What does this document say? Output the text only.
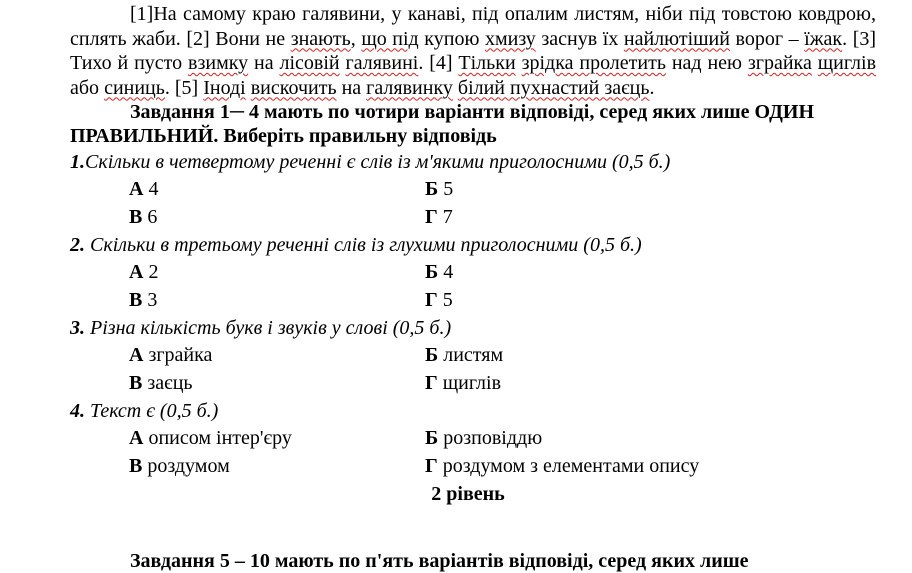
[1]На самому краю галявини, у канаві, під опалим листям, ніби під товстою ковдрою, сплять жаби. [2] Вони не знають, що під купою хмизу заснув їх найлютіший ворог – їжак. [3] Тихо й пусто взимку на лісовій галявині. [4] Тільки зрідка пролетить над нею зграйка щиглів або синиць. [5] Іноді вискочить на галявинку білий пухнастий заєць.

Завдання 1─ 4 мають по чотири варіанти відповіді, серед яких лише ОДИН ПРАВИЛЬНИЙ. Виберіть правильну відповідь

1.Скільки в четвертому реченні є слів із м'якими приголосними (0,5 б.)
А 4	Б 5
В 6	Г 7
2. Скільки в третьому реченні слів із глухими приголосними (0,5 б.)
А 2	Б 4
В 3	Г 5
3. Різна кількість букв і звуків у слові (0,5 б.)
А зграйка	Б листям
В заєць	Г щиглів
4. Текст є (0,5 б.)
А описом інтер'єру	Б розповіддю
В роздумом	Г роздумом з елементами опису
2 рівень
Завдання 5 – 10 мають по п'ять варіантів відповіді, серед яких лише
